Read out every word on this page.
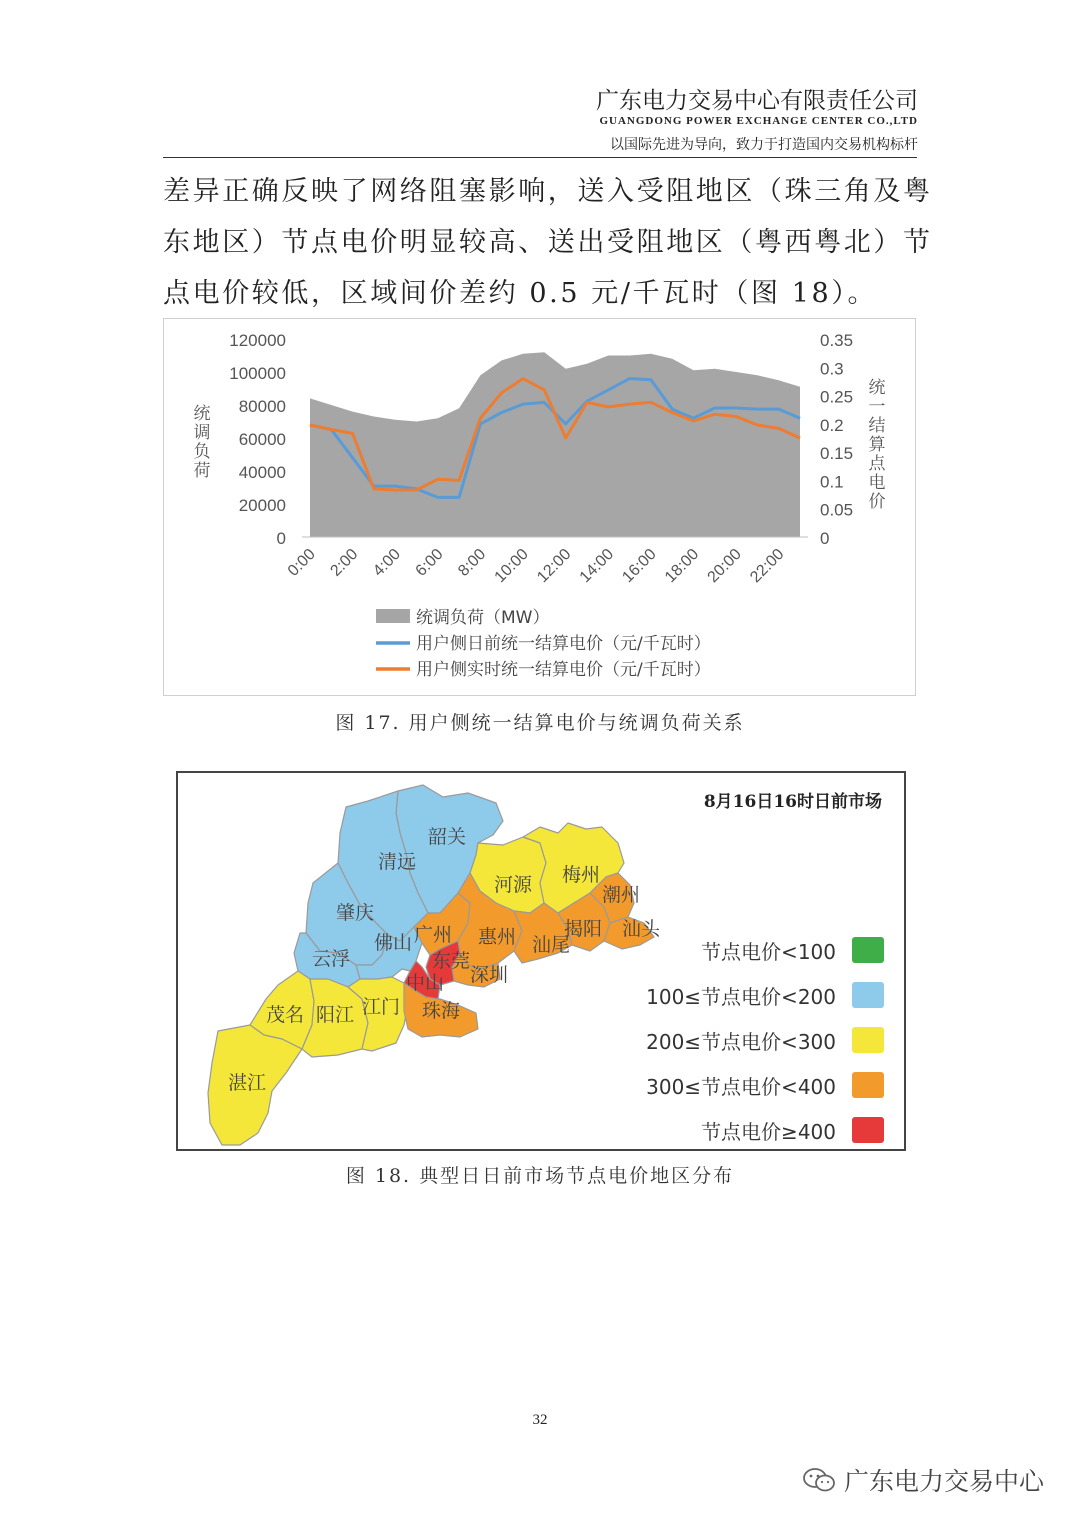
广东电力交易中心有限责任公司
GUANGDONG POWER EXCHANGE CENTER CO.,LTD
以国际先进为导向，致力于打造国内交易机构标杆

差异正确反映了网络阻塞影响，送入受阻地区（珠三角及粤

东地区）节点电价明显较高、送出受阻地区（粤西粤北）节

点电价较低，区域间价差约 0.5 元/千瓦时（图 18）。

120000
100000
80000
60000
40000
20000
0
0.35
0.3
0.25
0.2
0.15
0.1
0.05
0
0:00 2:00 4:00 6:00 8:00 10:00 12:00 14:00 16:00 18:00 20:00 22:00
统
调
负
荷
统
一
结
算
点
电
价
统调负荷（MW）
用户侧日前统一结算电价（元/千瓦时）
用户侧实时统一结算电价（元/千瓦时）
图 17. 用户侧统一结算电价与统调负荷关系
8月16日16时日前市场
韶关
清远
河源 梅州
潮州
肇庆
广州 惠州 汕尾
揭阳 汕头
云浮
佛山
东莞
深圳
中山
珠海
茂名 阳江 江门
湛江
节点电价<100
100≤节点电价<200
200≤节点电价<300
300≤节点电价<400
节点电价≥400
图 18. 典型日日前市场节点电价地区分布
32
广东电力交易中心
